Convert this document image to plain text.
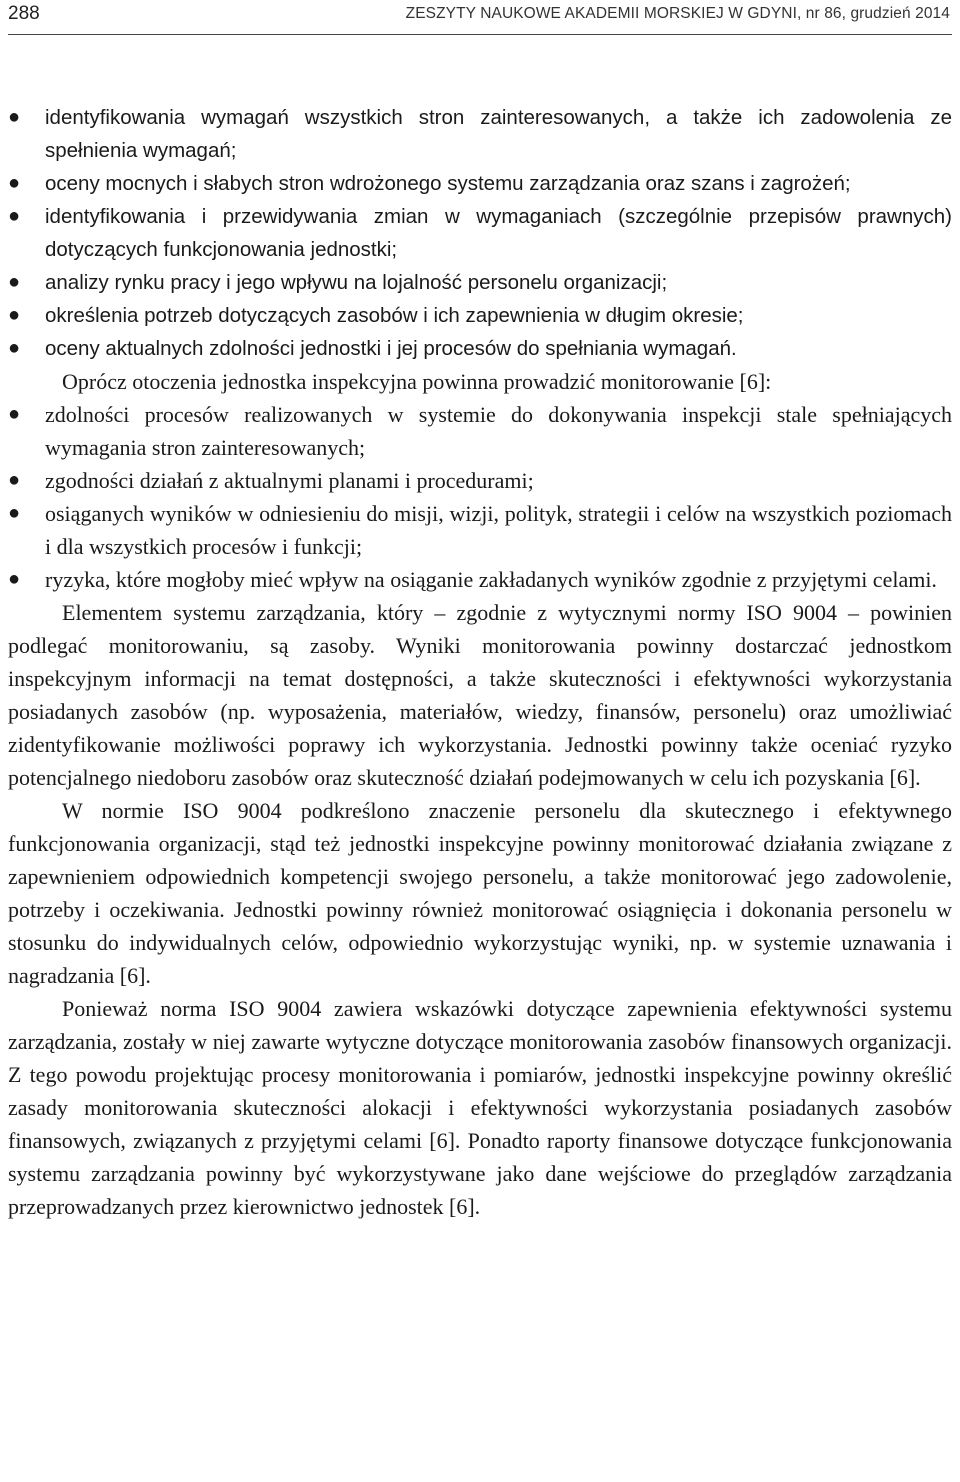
288	ZESZYTY NAUKOWE AKADEMII MORSKIEJ W GDYNI, nr 86, grudzień 2014
● identyfikowania wymagań wszystkich stron zainteresowanych, a także ich zadowolenia ze spełnienia wymagań;
● oceny mocnych i słabych stron wdrożonego systemu zarządzania oraz szans i zagrożeń;
● identyfikowania i przewidywania zmian w wymaganiach (szczególnie przepisów prawnych) dotyczących funkcjonowania jednostki;
● analizy rynku pracy i jego wpływu na lojalność personelu organizacji;
● określenia potrzeb dotyczących zasobów i ich zapewnienia w długim okresie;
● oceny aktualnych zdolności jednostki i jej procesów do spełniania wymagań.

Oprócz otoczenia jednostka inspekcyjna powinna prowadzić monitorowanie [6]:

● zdolności procesów realizowanych w systemie do dokonywania inspekcji stale spełniających wymagania stron zainteresowanych;
● zgodności działań z aktualnymi planami i procedurami;
● osiąganych wyników w odniesieniu do misji, wizji, polityk, strategii i celów na wszystkich poziomach i dla wszystkich procesów i funkcji;
● ryzyka, które mogłoby mieć wpływ na osiąganie zakładanych wyników zgodnie z przyjętymi celami.

Elementem systemu zarządzania, który – zgodnie z wytycznymi normy ISO 9004 – powinien podlegać monitorowaniu, są zasoby. Wyniki monitorowania powinny dostarczać jednostkom inspekcyjnym informacji na temat dostępności, a także skuteczności i efektywności wykorzystania posiadanych zasobów (np. wyposażenia, materiałów, wiedzy, finansów, personelu) oraz umożliwiać zidentyfikowanie możliwości poprawy ich wykorzystania. Jednostki powinny także oceniać ryzyko potencjalnego niedoboru zasobów oraz skuteczność działań podejmowanych w celu ich pozyskania [6].

W normie ISO 9004 podkreślono znaczenie personelu dla skutecznego i efektywnego funkcjonowania organizacji, stąd też jednostki inspekcyjne powinny monitorować działania związane z zapewnieniem odpowiednich kompetencji swojego personelu, a także monitorować jego zadowolenie, potrzeby i oczekiwania. Jednostki powinny również monitorować osiągnięcia i dokonania personelu w stosunku do indywidualnych celów, odpowiednio wykorzystując wyniki, np. w systemie uznawania i nagradzania [6].

Ponieważ norma ISO 9004 zawiera wskazówki dotyczące zapewnienia efektywności systemu zarządzania, zostały w niej zawarte wytyczne dotyczące monitorowania zasobów finansowych organizacji. Z tego powodu projektując procesy monitorowania i pomiarów, jednostki inspekcyjne powinny określić zasady monitorowania skuteczności alokacji i efektywności wykorzystania posiadanych zasobów finansowych, związanych z przyjętymi celami [6]. Ponadto raporty finansowe dotyczące funkcjonowania systemu zarządzania powinny być wykorzystywane jako dane wejściowe do przeglądów zarządzania przeprowadzanych przez kierownictwo jednostek [6].
